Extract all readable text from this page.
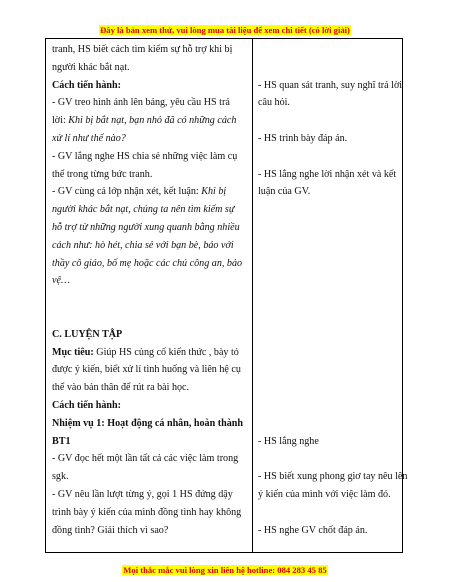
Đây là bản xem thử, vui lòng mua tài liệu để xem chi tiết (có lời giải)
tranh, HS biết cách tìm kiếm sự hỗ trợ khi bị
người khác bắt nạt.
Cách tiến hành:
- GV treo hình ảnh lên bảng, yêu cầu HS trả
lời: Khi bị bắt nạt, bạn nhỏ đã có những cách
xử lí như thế nào?
- GV lắng nghe HS chia sẻ những việc làm cụ
thể trong từng bức tranh.
- GV cùng cả lớp nhận xét, kết luận: Khi bị
người khác bắt nạt, chúng ta nên tìm kiếm sự
hỗ trợ từ những người xung quanh bằng nhiều
cách như: hò hét, chia sẻ với bạn bè, báo với
thầy cô giáo, bố mẹ hoặc các chú công an, bảo
vệ…
C. LUYỆN TẬP
Mục tiêu: Giúp HS củng cố kiến thức , bày tỏ
được ý kiến, biết xử lí tình huống và liên hệ cụ
thể vào bản thân để rút ra bài học.
Cách tiến hành:
Nhiệm vụ 1: Hoạt động cá nhân, hoàn thành
BT1
- GV đọc hết một lần tất cả các việc làm trong
sgk.
- GV nêu lần lượt từng ý, gọi 1 HS đứng dậy
trình bày ý kiến của mình đồng tình hay không
đồng tình? Giải thích vì sao?
- HS quan sát tranh, suy nghĩ trả lời
câu hỏi.
- HS trình bày đáp án.
- HS lắng nghe lời nhận xét và kết
luận của GV.
- HS lắng nghe
- HS biết xung phong giơ tay nêu lên
ý kiến của mình với việc làm đó.
- HS nghe GV chốt đáp án.
Mọi thắc mắc vui lòng xin liên hệ hotline: 084 283 45 85
